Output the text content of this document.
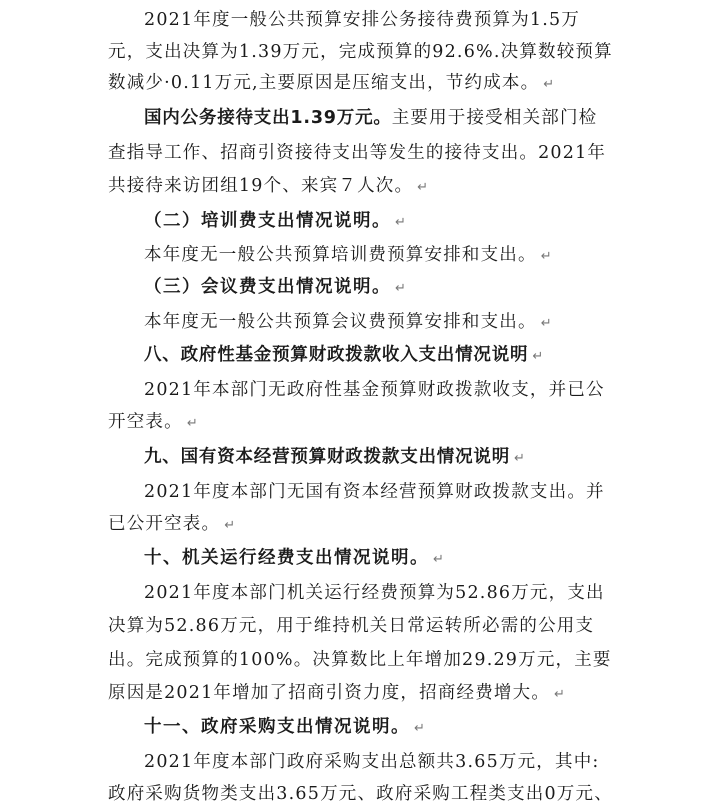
2021年度一般公共预算安排公务接待费预算为1.5万
元，支出决算为1.39万元，完成预算的92.6%.决算数较预算
数减少·0.11万元,主要原因是压缩支出，节约成本。 ↵
国内公务接待支出1.39万元。主要用于接受相关部门检
查指导工作、招商引资接待支出等发生的接待支出。2021年
共接待来访团组19个、来宾７人次。 ↵
（二）培训费支出情况说明。 ↵
本年度无一般公共预算培训费预算安排和支出。 ↵
（三）会议费支出情况说明。 ↵
本年度无一般公共预算会议费预算安排和支出。 ↵
八、政府性基金预算财政拨款收入支出情况说明 ↵
2021年本部门无政府性基金预算财政拨款收支，并已公
开空表。 ↵
九、国有资本经营预算财政拨款支出情况说明 ↵
2021年度本部门无国有资本经营预算财政拨款支出。并
已公开空表。 ↵
十、机关运行经费支出情况说明。 ↵
2021年度本部门机关运行经费预算为52.86万元，支出
决算为52.86万元，用于维持机关日常运转所必需的公用支
出。完成预算的100%。决算数比上年增加29.29万元，主要
原因是2021年增加了招商引资力度，招商经费增大。 ↵
十一、政府采购支出情况说明。 ↵
2021年度本部门政府采购支出总额共3.65万元，其中:
政府采购货物类支出3.65万元、政府采购工程类支出0万元、
